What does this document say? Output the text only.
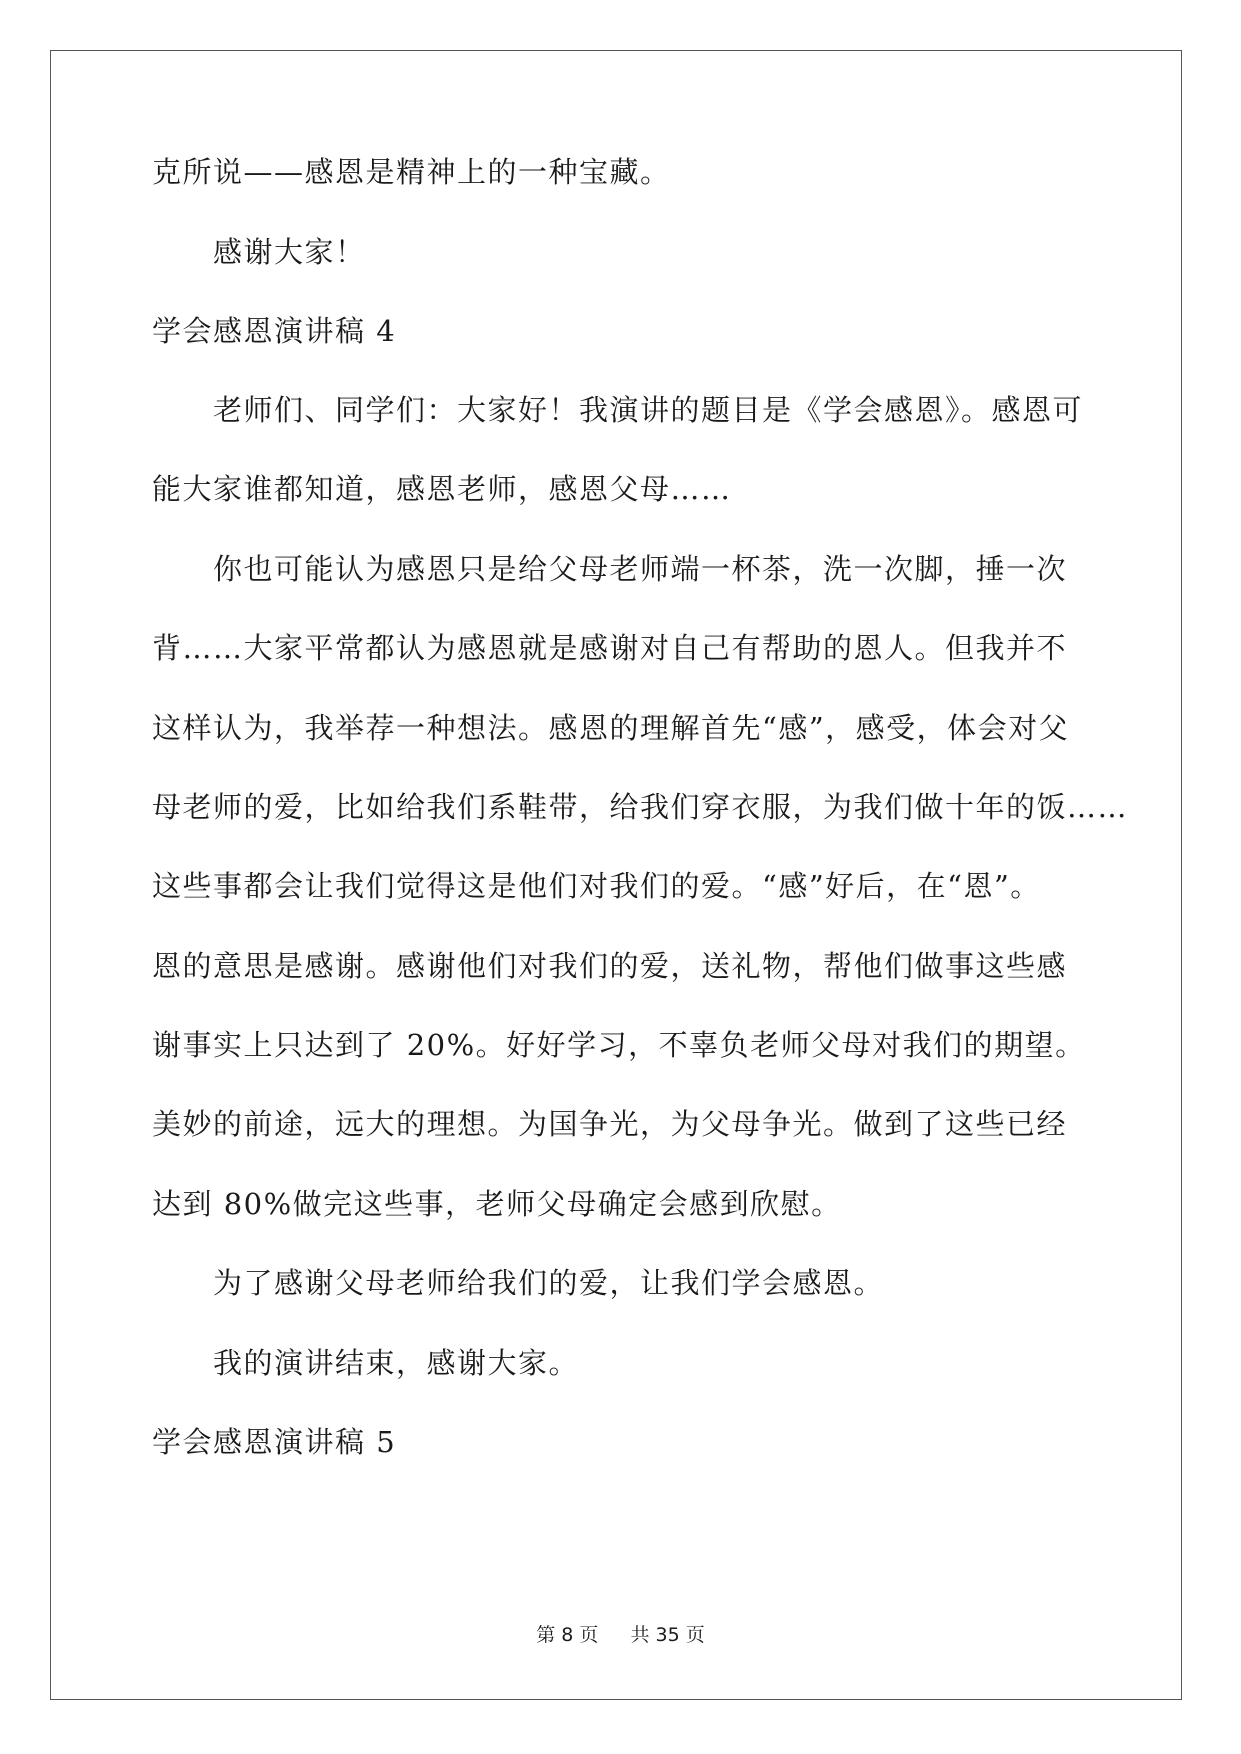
克所说——感恩是精神上的一种宝藏。
感谢大家！
学会感恩演讲稿 4
老师们、同学们：大家好！我演讲的题目是《学会感恩》。感恩可
能大家谁都知道，感恩老师，感恩父母……
你也可能认为感恩只是给父母老师端一杯茶，洗一次脚，捶一次
背……大家平常都认为感恩就是感谢对自己有帮助的恩人。但我并不
这样认为，我举荐一种想法。感恩的理解首先“感”，感受，体会对父
母老师的爱，比如给我们系鞋带，给我们穿衣服，为我们做十年的饭……
这些事都会让我们觉得这是他们对我们的爱。“感”好后，在“恩”。
恩的意思是感谢。感谢他们对我们的爱，送礼物，帮他们做事这些感
谢事实上只达到了 20%。好好学习，不辜负老师父母对我们的期望。
美妙的前途，远大的理想。为国争光，为父母争光。做到了这些已经
达到 80%做完这些事，老师父母确定会感到欣慰。
为了感谢父母老师给我们的爱，让我们学会感恩。
我的演讲结束，感谢大家。
学会感恩演讲稿 5
第 8 页 共 35 页
